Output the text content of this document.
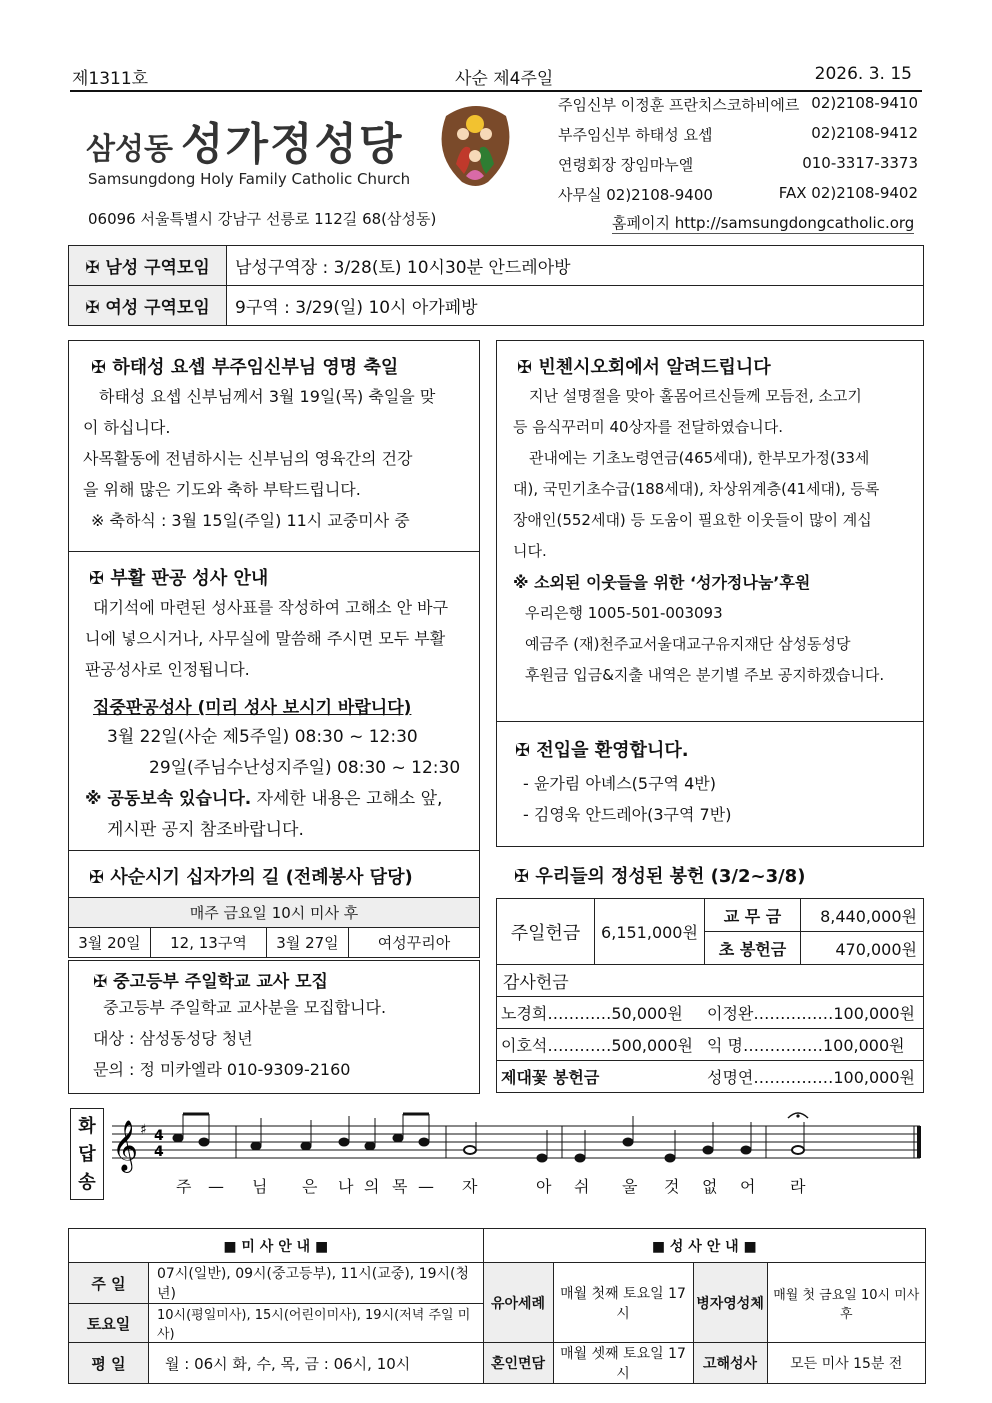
제1311호	사순 제4주일	2026. 3. 15
삼성동 성가정성당
Samsungdong Holy Family Catholic Church
06096 서울특별시 강남구 선릉로 112길 68(삼성동)
주임신부 이정훈 프란치스코하비에르 02)2108-9410
부주임신부 하태성 요셉	02)2108-9412
연령회장 장임마누엘	010-3317-3373
사무실 02)2108-9400	FAX 02)2108-9402
홈페이지 http://samsungdongcatholic.org
✠ 남성 구역모임	남성구역장 : 3/28(토) 10시30분 안드레아방
✠ 여성 구역모임	9구역 : 3/29(일) 10시 아가페방
✠ 하태성 요셉 부주임신부님 영명 축일
하태성 요셉 신부님께서 3월 19일(목) 축일을 맞
이 하십니다.
사목활동에 전념하시는 신부님의 영육간의 건강
을 위해 많은 기도와 축하 부탁드립니다.
※ 축하식 : 3월 15일(주일) 11시 교중미사 중
✠ 부활 판공 성사 안내
대기석에 마련된 성사표를 작성하여 고해소 안 바구
니에 넣으시거나, 사무실에 말씀해 주시면 모두 부활
판공성사로 인정됩니다.
집중판공성사 (미리 성사 보시기 바랍니다)
3월 22일(사순 제5주일) 08:30 ~ 12:30
29일(주님수난성지주일) 08:30 ~ 12:30
※ 공동보속 있습니다. 자세한 내용은 고해소 앞,
게시판 공지 참조바랍니다.
✠ 사순시기 십자가의 길 (전례봉사 담당)
매주 금요일 10시 미사 후
3월 20일	12, 13구역	3월 27일	여성꾸리아
✠ 중고등부 주일학교 교사 모집
중고등부 주일학교 교사분을 모집합니다.
대상 : 삼성동성당 청년
문의 : 정 미카엘라 010-9309-2160
✠ 빈첸시오회에서 알려드립니다
지난 설명절을 맞아 홀몸어르신들께 모듬전, 소고기
등 음식꾸러미 40상자를 전달하였습니다.
관내에는 기초노령연금(465세대), 한부모가정(33세
대), 국민기초수급(188세대), 차상위계층(41세대), 등록
장애인(552세대) 등 도움이 필요한 이웃들이 많이 계십
니다.
※ 소외된 이웃들을 위한 ‘성가정나눔’후원
우리은행 1005-501-003093
예금주 (재)천주교서울대교구유지재단 삼성동성당
후원금 입금&지출 내역은 분기별 주보 공지하겠습니다.
✠ 전입을 환영합니다.
- 윤가림 아녜스(5구역 4반)
- 김영욱 안드레아(3구역 7반)
✠ 우리들의 정성된 봉헌 (3/2~3/8)
주일헌금	6,151,000원	교 무 금	8,440,000원
		초 봉헌금	470,000원
감사헌금			
노경희…………50,000원 이정완……………100,000원			
이호석…………500,000원 익 명……………100,000원			
제대꽃 봉헌금 성명연……………100,000원			
화
답
송
𝄞 ♯ 4
4
주 — 님 은 나 의 목 — 자	아 쉬 울 것 없 어 라
■ 미 사 안 내 ■		■ 성 사 안 내 ■			
주 일	07시(일반), 09시(중고등부), 11시(교중), 19시(청년)	유아세례	매월 첫째 토요일 17시	병자영성체	매월 첫 금요일 10시 미사 후
토요일	10시(평일미사), 15시(어린이미사), 19시(저녁 주일 미사)				
평 일	월 : 06시 화, 수, 목, 금 : 06시, 10시	혼인면담	매월 셋째 토요일 17시	고해성사	모든 미사 15분 전
